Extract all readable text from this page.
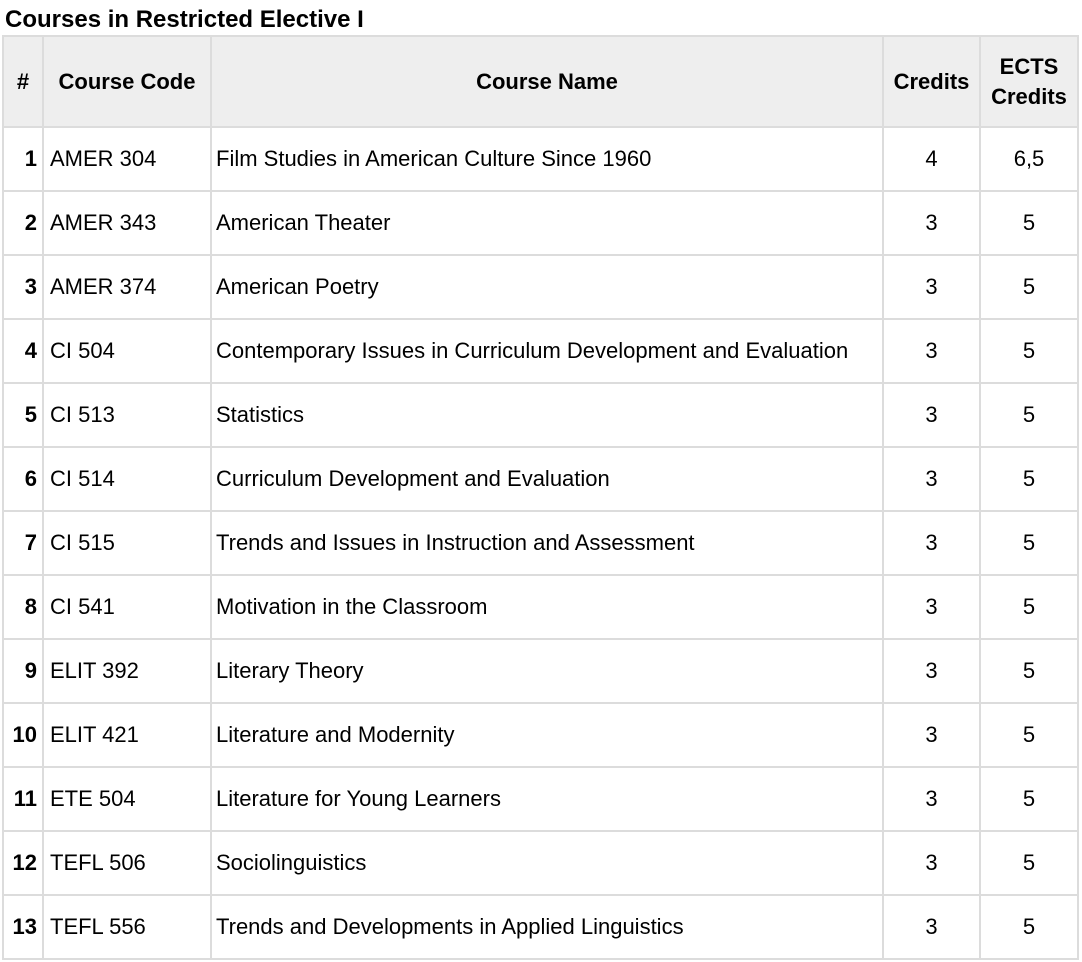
Courses in Restricted Elective I
#	Course Code	Course Name	Credits	ECTS Credits
1	AMER 304	Film Studies in American Culture Since 1960	4	6,5
2	AMER 343	American Theater	3	5
3	AMER 374	American Poetry	3	5
4	CI 504	Contemporary Issues in Curriculum Development and Evaluation	3	5
5	CI 513	Statistics	3	5
6	CI 514	Curriculum Development and Evaluation	3	5
7	CI 515	Trends and Issues in Instruction and Assessment	3	5
8	CI 541	Motivation in the Classroom	3	5
9	ELIT 392	Literary Theory	3	5
10	ELIT 421	Literature and Modernity	3	5
11	ETE 504	Literature for Young Learners	3	5
12	TEFL 506	Sociolinguistics	3	5
13	TEFL 556	Trends and Developments in Applied Linguistics	3	5
